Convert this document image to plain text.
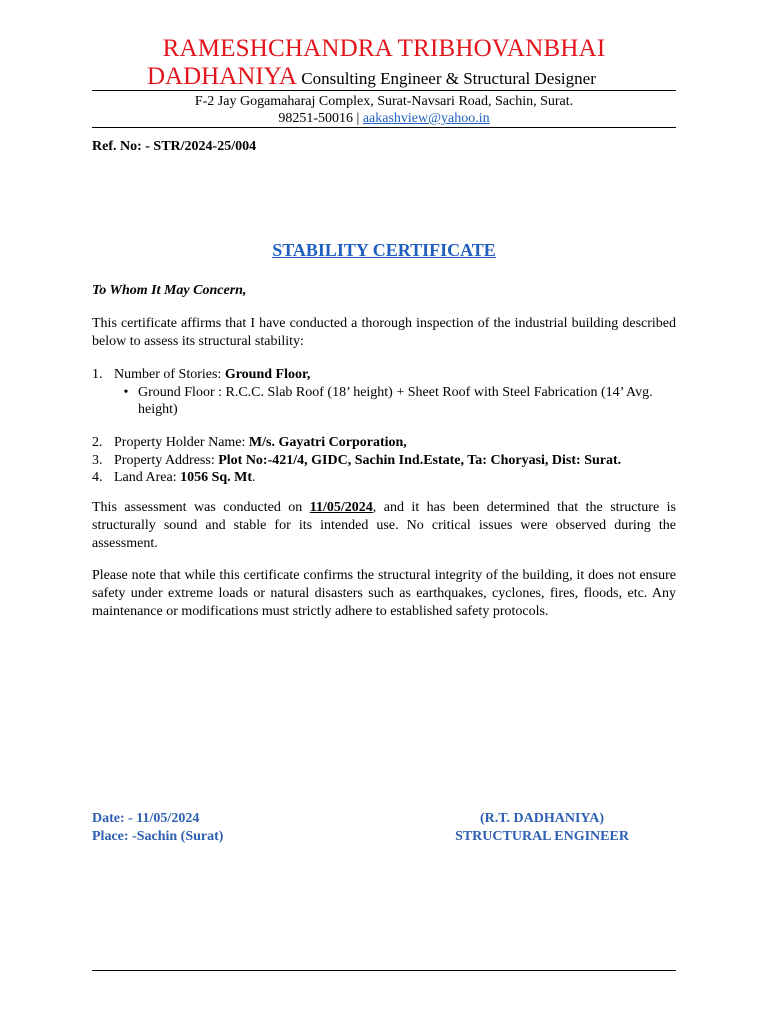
RAMESHCHANDRA TRIBHOVANBHAI
DADHANIYA Consulting Engineer & Structural Designer
F-2 Jay Gogamaharaj Complex, Surat-Navsari Road, Sachin, Surat.
98251-50016 | aakashview@yahoo.in
Ref. No: - STR/2024-25/004
STABILITY CERTIFICATE
To Whom It May Concern,
This certificate affirms that I have conducted a thorough inspection of the industrial building described below to assess its structural stability:
1. Number of Stories: Ground Floor,
• Ground Floor : R.C.C. Slab Roof (18’ height) + Sheet Roof with Steel Fabrication (14’ Avg. height)
2. Property Holder Name: M/s. Gayatri Corporation,
3. Property Address: Plot No:-421/4, GIDC, Sachin Ind.Estate, Ta: Choryasi, Dist: Surat.
4. Land Area: 1056 Sq. Mt.
This assessment was conducted on 11/05/2024, and it has been determined that the structure is structurally sound and stable for its intended use. No critical issues were observed during the assessment.
Please note that while this certificate confirms the structural integrity of the building, it does not ensure safety under extreme loads or natural disasters such as earthquakes, cyclones, fires, floods, etc. Any maintenance or modifications must strictly adhere to established safety protocols.
Date: - 11/05/2024
Place: -Sachin (Surat)
(R.T. DADHANIYA)
STRUCTURAL ENGINEER
